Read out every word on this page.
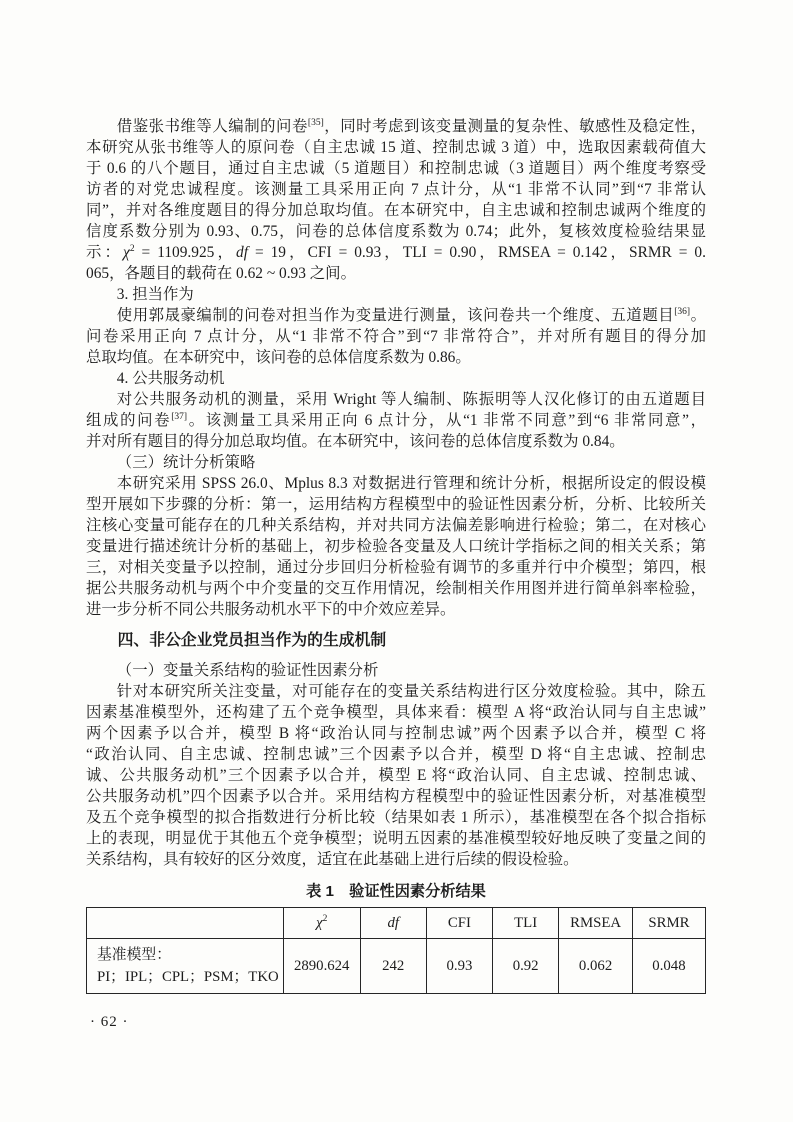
借鉴张书维等人编制的问卷[35]，同时考虑到该变量测量的复杂性、敏感性及稳定性，
本研究从张书维等人的原问卷（自主忠诚 15 道、控制忠诚 3 道）中，选取因素载荷值大
于 0.6 的八个题目，通过自主忠诚（5 道题目）和控制忠诚（3 道题目）两个维度考察受
访者的对党忠诚程度。该测量工具采用正向 7 点计分，从“1 非常不认同”到“7 非常认
同”，并对各维度题目的得分加总取均值。在本研究中，自主忠诚和控制忠诚两个维度的
信度系数分别为 0.93、0.75，问卷的总体信度系数为 0.74；此外，复核效度检验结果显
示：$\chi^2 = 1109.925$，df = 19，CFI = 0.93，TLI = 0.90，RMSEA = 0.142，SRMR = 0.
065，各题目的载荷在 0.62 ~ 0.93 之间。
3. 担当作为
使用郭晟豪编制的问卷对担当作为变量进行测量，该问卷共一个维度、五道题目[36]。
问卷采用正向 7 点计分，从“1 非常不符合”到“7 非常符合”，并对所有题目的得分加
总取均值。在本研究中，该问卷的总体信度系数为 0.86。
4. 公共服务动机
对公共服务动机的测量，采用 Wright 等人编制、陈振明等人汉化修订的由五道题目
组成的问卷[37]。该测量工具采用正向 6 点计分，从“1 非常不同意”到“6 非常同意”，
并对所有题目的得分加总取均值。在本研究中，该问卷的总体信度系数为 0.84。
（三）统计分析策略
本研究采用 SPSS 26.0、Mplus 8.3 对数据进行管理和统计分析，根据所设定的假设模
型开展如下步骤的分析：第一，运用结构方程模型中的验证性因素分析，分析、比较所关
注核心变量可能存在的几种关系结构，并对共同方法偏差影响进行检验；第二，在对核心
变量进行描述统计分析的基础上，初步检验各变量及人口统计学指标之间的相关关系；第
三，对相关变量予以控制，通过分步回归分析检验有调节的多重并行中介模型；第四，根
据公共服务动机与两个中介变量的交互作用情况，绘制相关作用图并进行简单斜率检验，
进一步分析不同公共服务动机水平下的中介效应差异。
四、非公企业党员担当作为的生成机制
（一）变量关系结构的验证性因素分析
针对本研究所关注变量，对可能存在的变量关系结构进行区分效度检验。其中，除五
因素基准模型外，还构建了五个竞争模型，具体来看：模型 A 将“政治认同与自主忠诚”
两个因素予以合并，模型 B 将“政治认同与控制忠诚”两个因素予以合并，模型 C 将
“政治认同、自主忠诚、控制忠诚”三个因素予以合并，模型 D 将“自主忠诚、控制忠
诚、公共服务动机”三个因素予以合并，模型 E 将“政治认同、自主忠诚、控制忠诚、
公共服务动机”四个因素予以合并。采用结构方程模型中的验证性因素分析，对基准模型
及五个竞争模型的拟合指数进行分析比较（结果如表 1 所示），基准模型在各个拟合指标
上的表现，明显优于其他五个竞争模型；说明五因素的基准模型较好地反映了变量之间的
关系结构，具有较好的区分效度，适宜在此基础上进行后续的假设检验。
表 1　验证性因素分析结果
	$\chi^2$	df	CFI	TLI	RMSEA	SRMR

基准模型：
PI；IPL；CPL；PSM；TKO	2890.624	242	0.93	0.92	0.062	0.048
· 62 ·
